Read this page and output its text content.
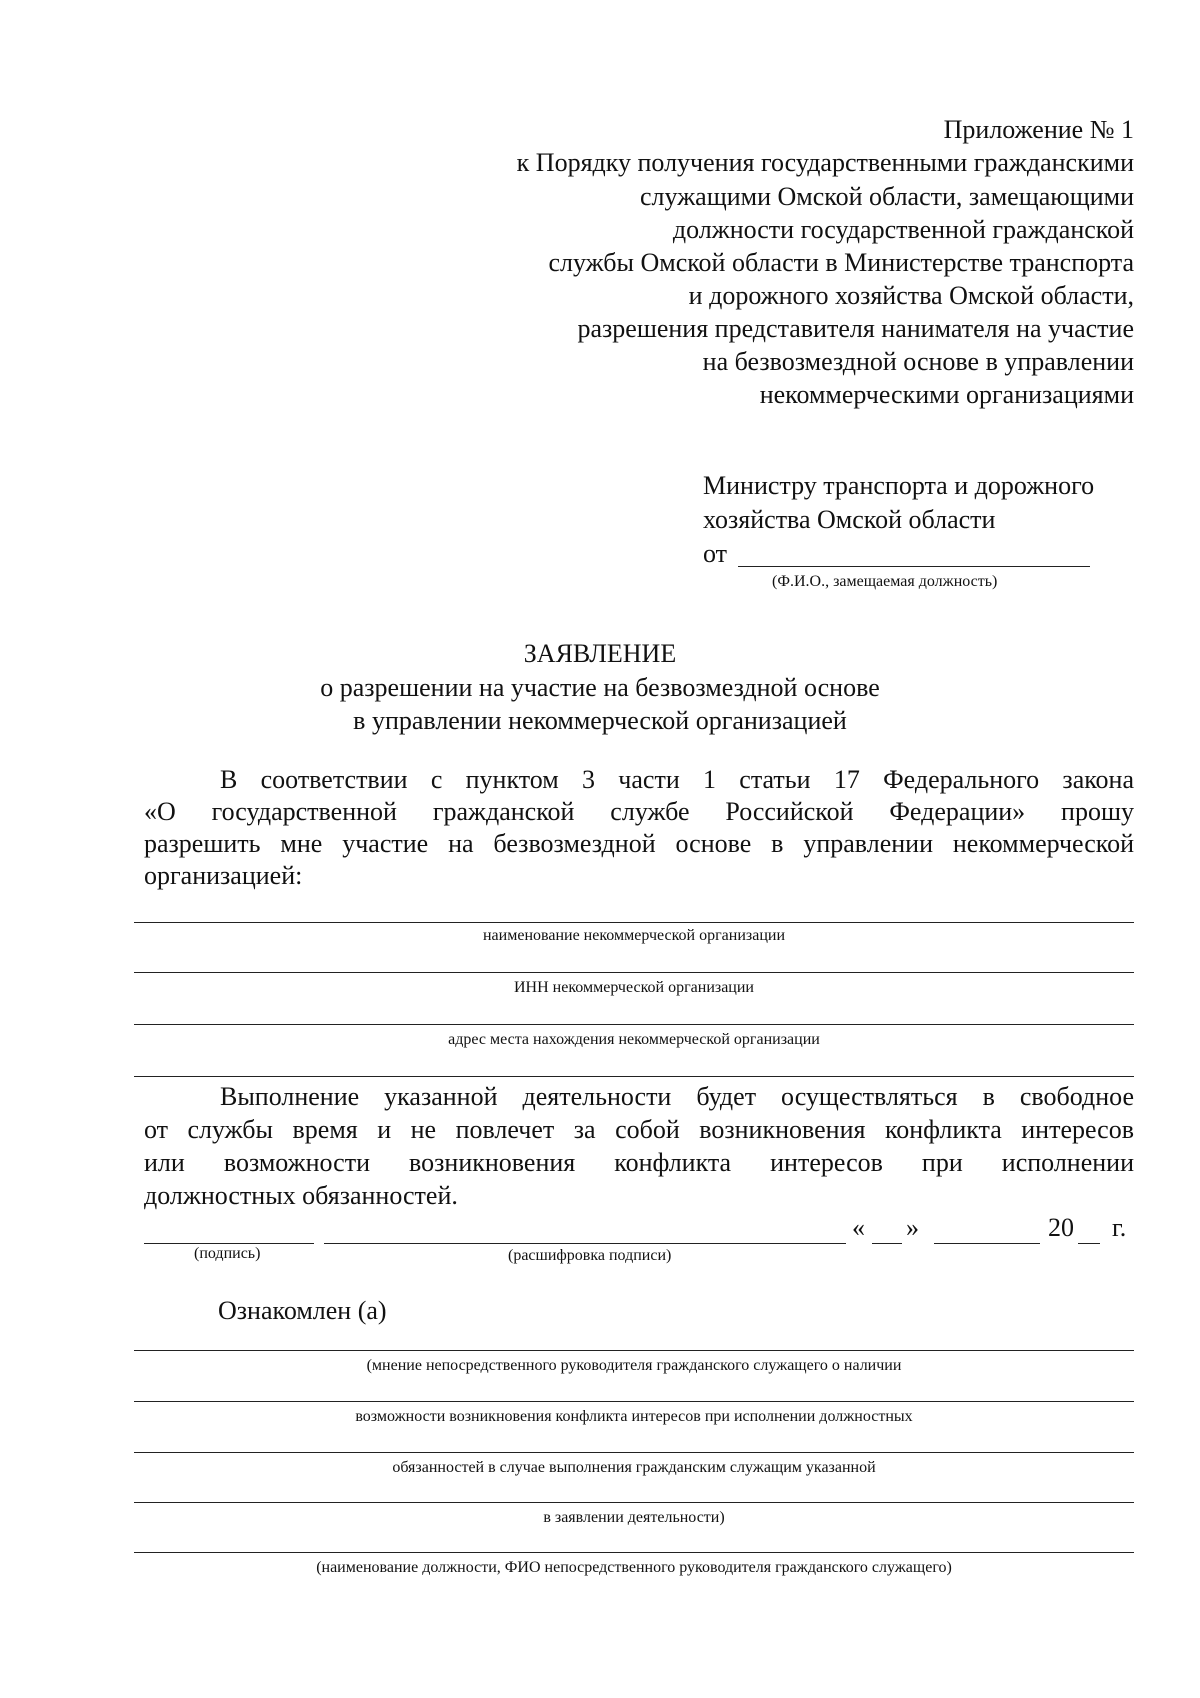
Приложение № 1
к Порядку получения государственными гражданскими
служащими Омской области, замещающими
должности государственной гражданской
службы Омской области в Министерстве транспорта
и дорожного хозяйства Омской области,
разрешения представителя нанимателя на участие
на безвозмездной основе в управлении
некоммерческими организациями
Министру транспорта и дорожного
хозяйства Омской области
от
(Ф.И.О., замещаемая должность)
ЗАЯВЛЕНИЕ
о разрешении на участие на безвозмездной основе
в управлении некоммерческой организацией
В соответствии с пунктом 3 части 1 статьи 17 Федерального закона
«О государственной гражданской службе Российской Федерации» прошу
разрешить мне участие на безвозмездной основе в управлении некоммерческой
организацией:
наименование некоммерческой организации
ИНН некоммерческой организации
адрес места нахождения некоммерческой организации
Выполнение указанной деятельности будет осуществляться в свободное
от службы время и не повлечет за собой возникновения конфликта интересов
или возможности возникновения конфликта интересов при исполнении
должностных обязанностей.
« »	20 г.
(подпись)	(расшифровка подписи)
Ознакомлен (а)
(мнение непосредственного руководителя гражданского служащего о наличии
возможности возникновения конфликта интересов при исполнении должностных
обязанностей в случае выполнения гражданским служащим указанной
в заявлении деятельности)
(наименование должности, ФИО непосредственного руководителя гражданского служащего)
